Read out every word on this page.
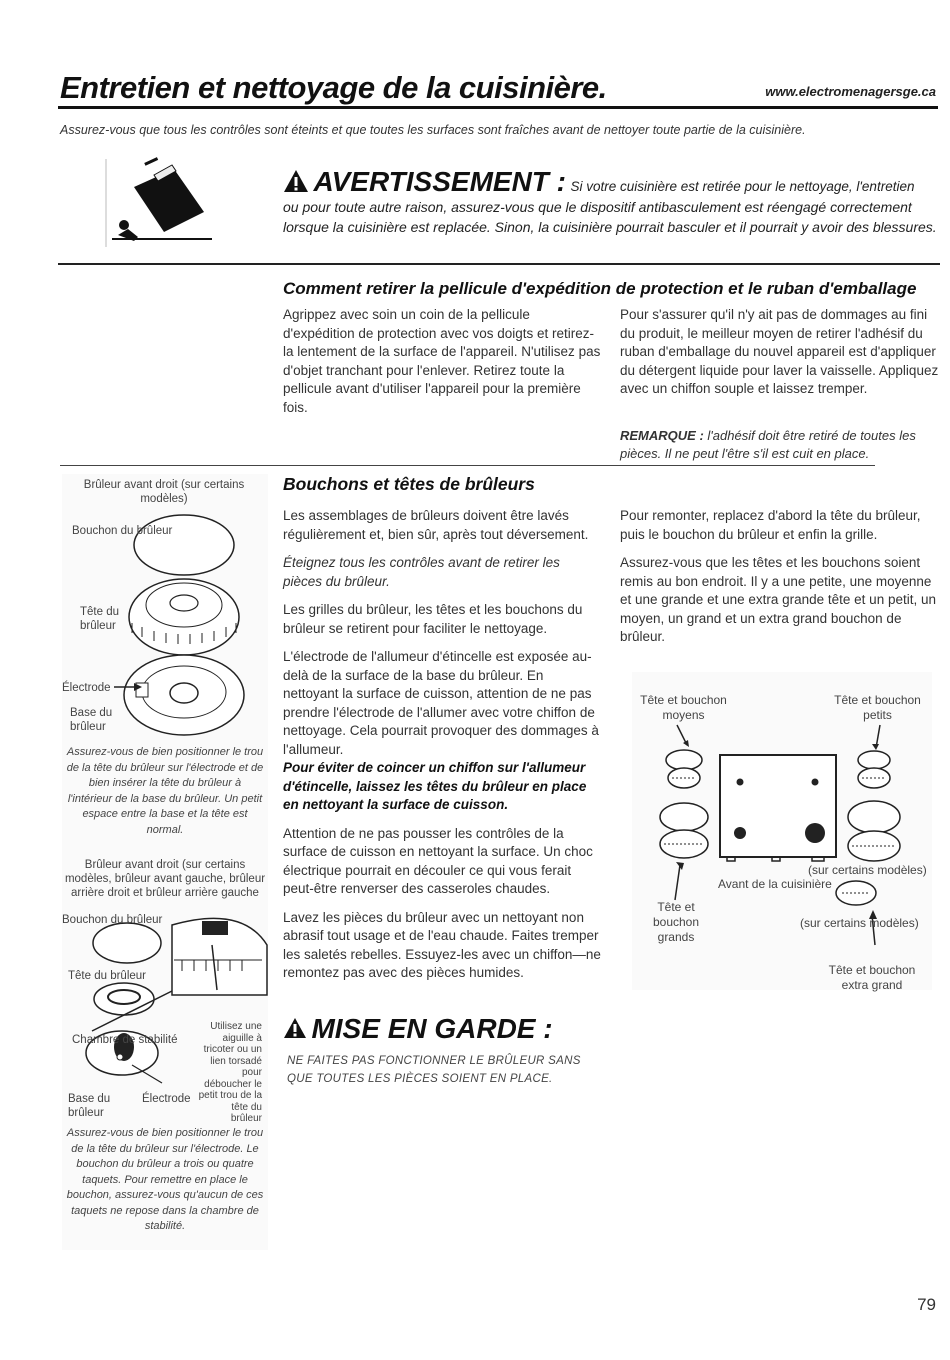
Entretien et nettoyage de la cuisinière.	www.electromenagersge.ca
Assurez-vous que tous les contrôles sont éteints et que toutes les surfaces sont fraîches avant de nettoyer toute partie de la cuisinière.
AVERTISSEMENT : Si votre cuisinière est retirée pour le nettoyage, l'entretien
ou pour toute autre raison, assurez-vous que le dispositif antibasculement est réengagé correctement lorsque la cuisinière est replacée. Sinon, la cuisinière pourrait basculer et il pourrait y avoir des blessures.
Comment retirer la pellicule d'expédition de protection et le ruban d'emballage
Agrippez avec soin un coin de la pellicule d'expédition de protection avec vos doigts et retirez-la lentement de la surface de l'appareil. N'utilisez pas d'objet tranchant pour l'enlever. Retirez toute la pellicule avant d'utiliser l'appareil pour la première fois.
Pour s'assurer qu'il n'y ait pas de dommages au fini du produit, le meilleur moyen de retirer l'adhésif du ruban d'emballage du nouvel appareil est d'appliquer du détergent liquide pour laver la vaisselle. Appliquez avec un chiffon souple et laissez tremper.
REMARQUE : l'adhésif doit être retiré de toutes les pièces. Il ne peut l'être s'il est cuit en place.
Bouchons et têtes de brûleurs

Les assemblages de brûleurs doivent être lavés régulièrement et, bien sûr, après tout déversement.

Éteignez tous les contrôles avant de retirer les pièces du brûleur.

Les grilles du brûleur, les têtes et les bouchons du brûleur se retirent pour faciliter le nettoyage.

L'électrode de l'allumeur d'étincelle est exposée au-delà de la surface de la base du brûleur. En nettoyant la surface de cuisson, attention de ne pas prendre l'électrode de l'allumer avec votre chiffon de nettoyage. Cela pourrait provoquer des dommages à l'allumeur.

Pour éviter de coincer un chiffon sur l'allumeur d'étincelle, laissez les têtes du brûleur en place en nettoyant la surface de cuisson.

Attention de ne pas pousser les contrôles de la surface de cuisson en nettoyant la surface. Un choc électrique pourrait en découler ce qui vous ferait peut-être renverser des casseroles chaudes.

Lavez les pièces du brûleur avec un nettoyant non abrasif tout usage et de l'eau chaude. Faites tremper les saletés rebelles. Essuyez-les avec un chiffon—ne remontez pas avec des pièces humides.

Pour remonter, replacez d'abord la tête du brûleur, puis le bouchon du brûleur et enfin la grille.

Assurez-vous que les têtes et les bouchons soient remis au bon endroit. Il y a une petite, une moyenne et une grande et une extra grande tête et un petit, un moyen, un grand et un extra grand bouchon de brûleur.

MISE EN GARDE :
NE FAITES PAS FONCTIONNER LE BRÛLEUR SANS
QUE TOUTES LES PIÈCES SOIENT EN PLACE.
Brûleur avant droit (sur certains modèles)
Bouchon du brûleur
Tête du brûleur
Électrode
Base du brûleur
Assurez-vous de bien positionner le trou de la tête du brûleur sur l'électrode et de bien insérer la tête du brûleur à l'intérieur de la base du brûleur. Un petit espace entre la base et la tête est normal.
Brûleur avant droit (sur certains modèles, brûleur avant gauche, brûleur arrière droit et brûleur arrière gauche
Bouchon du brûleur
Tête du brûleur
Chambre de stabilité
Utilisez une aiguille à tricoter ou un lien torsadé pour déboucher le petit trou de la tête du brûleur
Base du brûleur
Électrode
Assurez-vous de bien positionner le trou de la tête du brûleur sur l'électrode. Le bouchon du brûleur a trois ou quatre taquets. Pour remettre en place le bouchon, assurez-vous qu'aucun de ces taquets ne repose dans la chambre de stabilité.
Tête et bouchon moyens
Tête et bouchon petits
(sur certains modèles)
Avant de la cuisinière
Tête et bouchon grands
(sur certains modèles)
Tête et bouchon extra grand
79
